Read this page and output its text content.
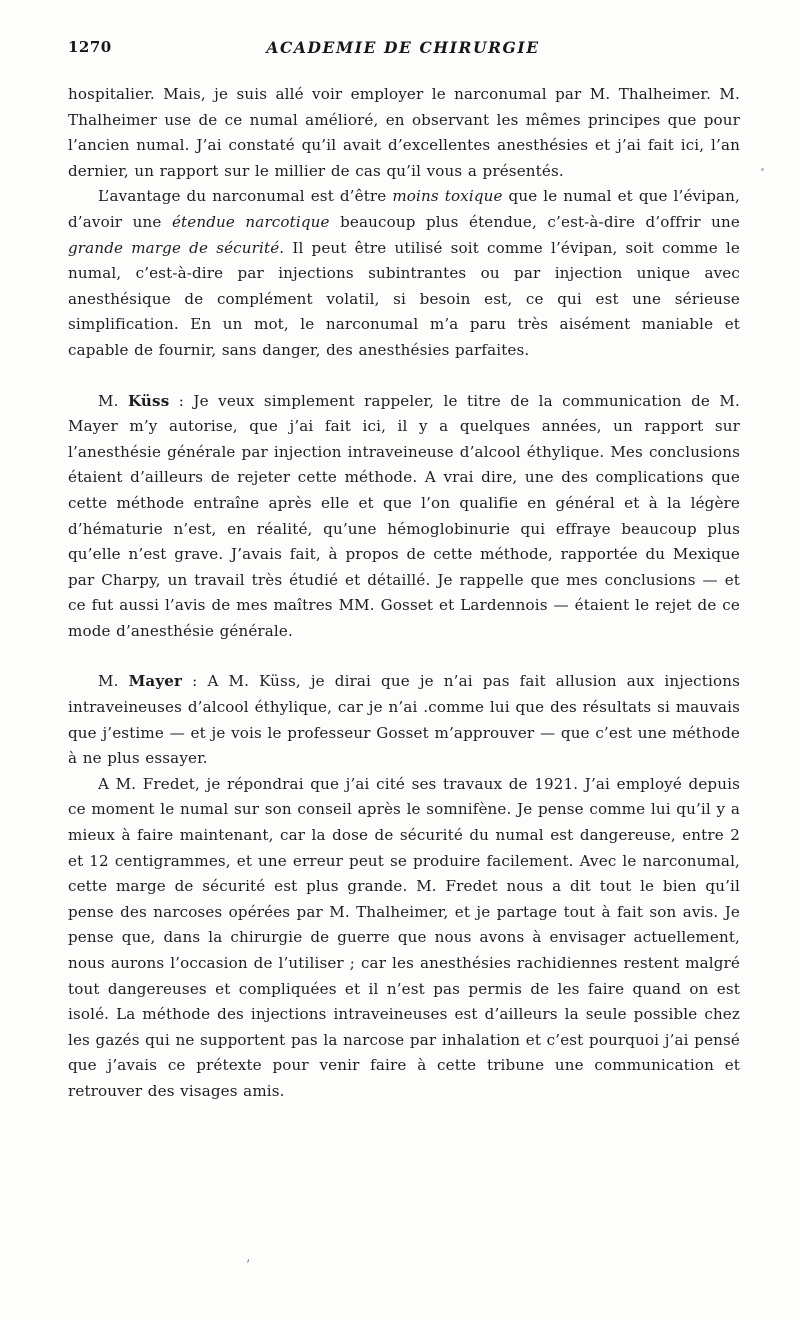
1270	ACADEMIE DE CHIRURGIE

hospitalier. Mais, je suis allé voir employer le narconumal par M. Thalheimer. M. Thalheimer use de ce numal amélioré, en observant les mêmes principes que pour l’ancien numal. J’ai constaté qu’il avait d’excellentes anesthésies et j’ai fait ici, l’an dernier, un rapport sur le millier de cas qu’il vous a présentés.

L’avantage du narconumal est d’être moins toxique que le numal et que l’évipan, d’avoir une étendue narcotique beaucoup plus étendue, c’est-à-dire d’offrir une grande marge de sécurité. Il peut être utilisé soit comme l’évipan, soit comme le numal, c’est-à-dire par injections subintrantes ou par injection unique avec anesthésique de complément volatil, si besoin est, ce qui est une sérieuse simplification. En un mot, le narconumal m’a paru très aisément maniable et capable de fournir, sans danger, des anesthésies parfaites.

M. Küss : Je veux simplement rappeler, le titre de la communication de M. Mayer m’y autorise, que j’ai fait ici, il y a quelques années, un rapport sur l’anesthésie générale par injection intraveineuse d’alcool éthylique. Mes conclusions étaient d’ailleurs de rejeter cette méthode. A vrai dire, une des complications que cette méthode entraîne après elle et que l’on qualifie en général et à la légère d’hématurie n’est, en réalité, qu’une hémoglobinurie qui effraye beaucoup plus qu’elle n’est grave. J’avais fait, à propos de cette méthode, rapportée du Mexique par Charpy, un travail très étudié et détaillé. Je rappelle que mes conclusions — et ce fut aussi l’avis de mes maîtres MM. Gosset et Lardennois — étaient le rejet de ce mode d’anesthésie générale.

M. Mayer : A M. Küss, je dirai que je n’ai pas fait allusion aux injections intraveineuses d’alcool éthylique, car je n’ai .comme lui que des résultats si mauvais que j’estime — et je vois le professeur Gosset m’approuver — que c’est une méthode à ne plus essayer.

A M. Fredet, je répondrai que j’ai cité ses travaux de 1921. J’ai employé depuis ce moment le numal sur son conseil après le somnifène. Je pense comme lui qu’il y a mieux à faire maintenant, car la dose de sécurité du numal est dangereuse, entre 2 et 12 centigrammes, et une erreur peut se produire facilement. Avec le narconumal, cette marge de sécurité est plus grande. M. Fredet nous a dit tout le bien qu’il pense des narcoses opérées par M. Thalheimer, et je partage tout à fait son avis. Je pense que, dans la chirurgie de guerre que nous avons à envisager actuellement, nous aurons l’occasion de l’utiliser ; car les anesthésies rachidiennes restent malgré tout dangereuses et compliquées et il n’est pas permis de les faire quand on est isolé. La méthode des injections intraveineuses est d’ailleurs la seule possible chez les gazés qui ne supportent pas la narcose par inhalation et c’est pourquoi j’ai pensé que j’avais ce prétexte pour venir faire à cette tribune une communication et retrouver des visages amis.

’
